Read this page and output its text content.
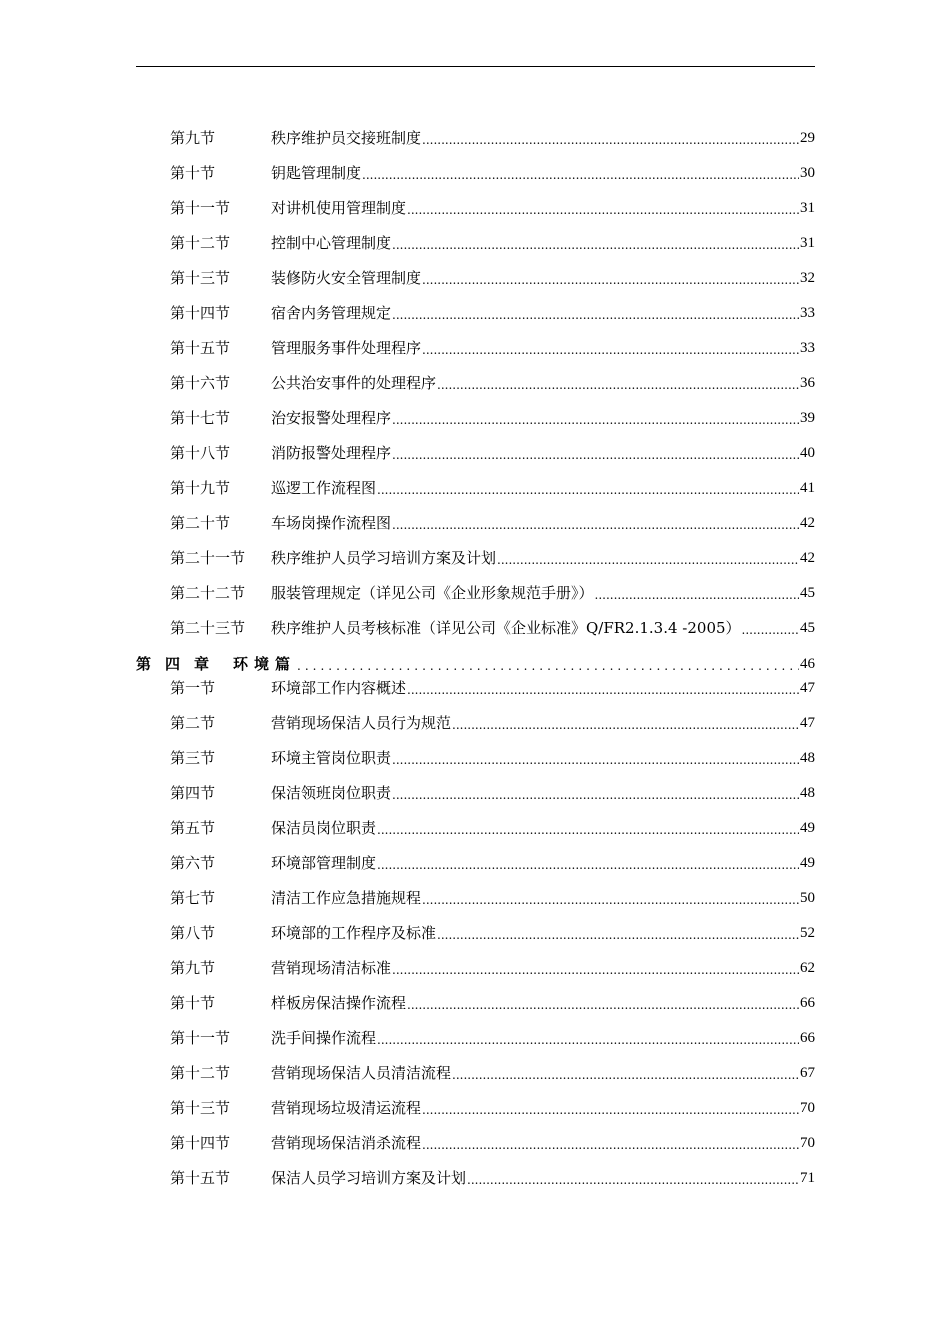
第九节	秩序维护员交接班制度 .....	29
第十节	钥匙管理制度 .....	30
第十一节	对讲机使用管理制度 .....	31
第十二节	控制中心管理制度 .....	31
第十三节	装修防火安全管理制度 .....	32
第十四节	宿舍内务管理规定 .....	33
第十五节	管理服务事件处理程序 .....	33
第十六节	公共治安事件的处理程序 .....	36
第十七节	治安报警处理程序 .....	39
第十八节	消防报警处理程序 .....	40
第十九节	巡逻工作流程图 .....	41
第二十节	车场岗操作流程图 .....	42
第二十一节	秩序维护人员学习培训方案及计划 .....	42
第二十二节	服装管理规定（详见公司《企业形象规范手册》） .....	45
第二十三节	秩序维护人员考核标准（详见公司《企业标准》Q/FR2.1.3.4 -2005） .....	45
第四章 环境篇 .....	46
第一节	环境部工作内容概述 .....	47
第二节	营销现场保洁人员行为规范 .....	47
第三节	环境主管岗位职责 .....	48
第四节	保洁领班岗位职责 .....	48
第五节	保洁员岗位职责 .....	49
第六节	环境部管理制度 .....	49
第七节	清洁工作应急措施规程 .....	50
第八节	环境部的工作程序及标准 .....	52
第九节	营销现场清洁标准 .....	62
第十节	样板房保洁操作流程 .....	66
第十一节	洗手间操作流程 .....	66
第十二节	营销现场保洁人员清洁流程 .....	67
第十三节	营销现场垃圾清运流程 .....	70
第十四节	营销现场保洁消杀流程 .....	70
第十五节	保洁人员学习培训方案及计划 .....	71
